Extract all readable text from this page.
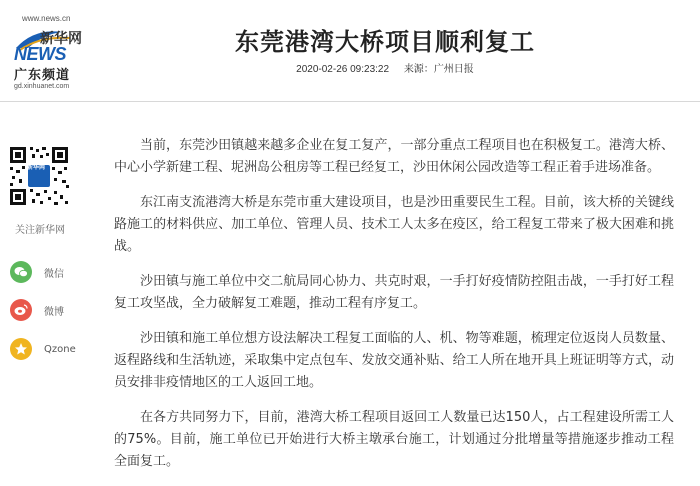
www.news.cn
新华网
NEWS
广东频道
gd.xinhuanet.com
东莞港湾大桥项目顺利复工
2020-02-26 09:23:22 来源：广州日报
新华网
关注新华网
微信
微博
Qzone

当前，东莞沙田镇越来越多企业在复工复产，一部分重点工程项目也在积极复工。港湾大桥、中心小学新建工程、坭洲岛公租房等工程已经复工，沙田休闲公园改造等工程正着手进场准备。

东江南支流港湾大桥是东莞市重大建设项目，也是沙田重要民生工程。目前，该大桥的关键线路施工的材料供应、加工单位、管理人员、技术工人太多在疫区，给工程复工带来了极大困难和挑战。

沙田镇与施工单位中交二航局同心协力、共克时艰，一手打好疫情防控阻击战，一手打好工程复工攻坚战，全力破解复工难题，推动工程有序复工。

沙田镇和施工单位想方设法解决工程复工面临的人、机、物等难题，梳理定位返岗人员数量、返程路线和生活轨迹，采取集中定点包车、发放交通补贴、给工人所在地开具上班证明等方式，动员安排非疫情地区的工人返回工地。

在各方共同努力下，目前，港湾大桥工程项目返回工人数量已达150人，占工程建设所需工人的75%。目前，施工单位已开始进行大桥主墩承台施工，计划通过分批增量等措施逐步推动工程全面复工。
